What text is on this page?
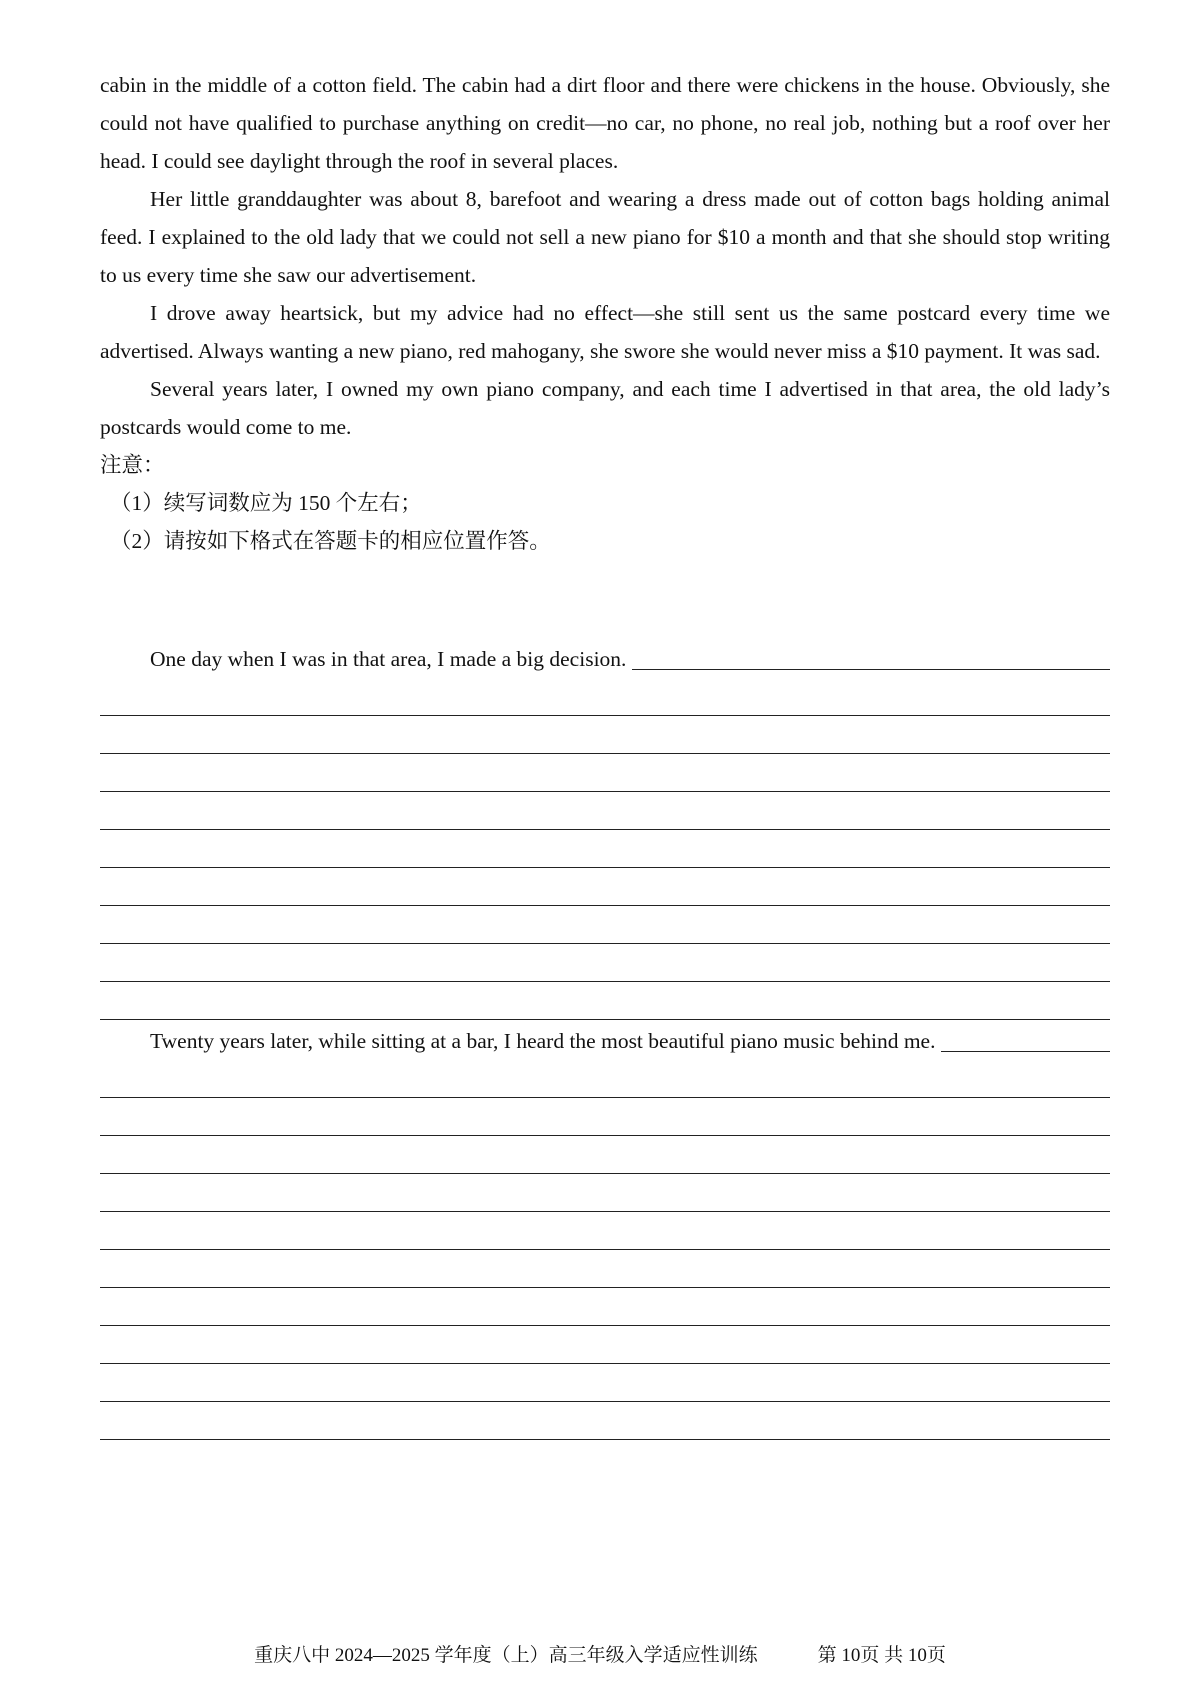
cabin in the middle of a cotton field. The cabin had a dirt floor and there were chickens in the house. Obviously, she could not have qualified to purchase anything on credit—no car, no phone, no real job, nothing but a roof over her head. I could see daylight through the roof in several places.

Her little granddaughter was about 8, barefoot and wearing a dress made out of cotton bags holding animal feed. I explained to the old lady that we could not sell a new piano for $10 a month and that she should stop writing to us every time she saw our advertisement.

I drove away heartsick, but my advice had no effect—she still sent us the same postcard every time we advertised. Always wanting a new piano, red mahogany, she swore she would never miss a $10 payment. It was sad.

Several years later, I owned my own piano company, and each time I advertised in that area, the old lady’s postcards would come to me.

注意：

（1）续写词数应为 150 个左右；

（2）请按如下格式在答题卡的相应位置作答。

One day when I was in that area, I made a big decision.
Twenty years later, while sitting at a bar, I heard the most beautiful piano music behind me.
重庆八中 2024—2025 学年度（上）高三年级入学适应性训练	第 10页 共 10页
